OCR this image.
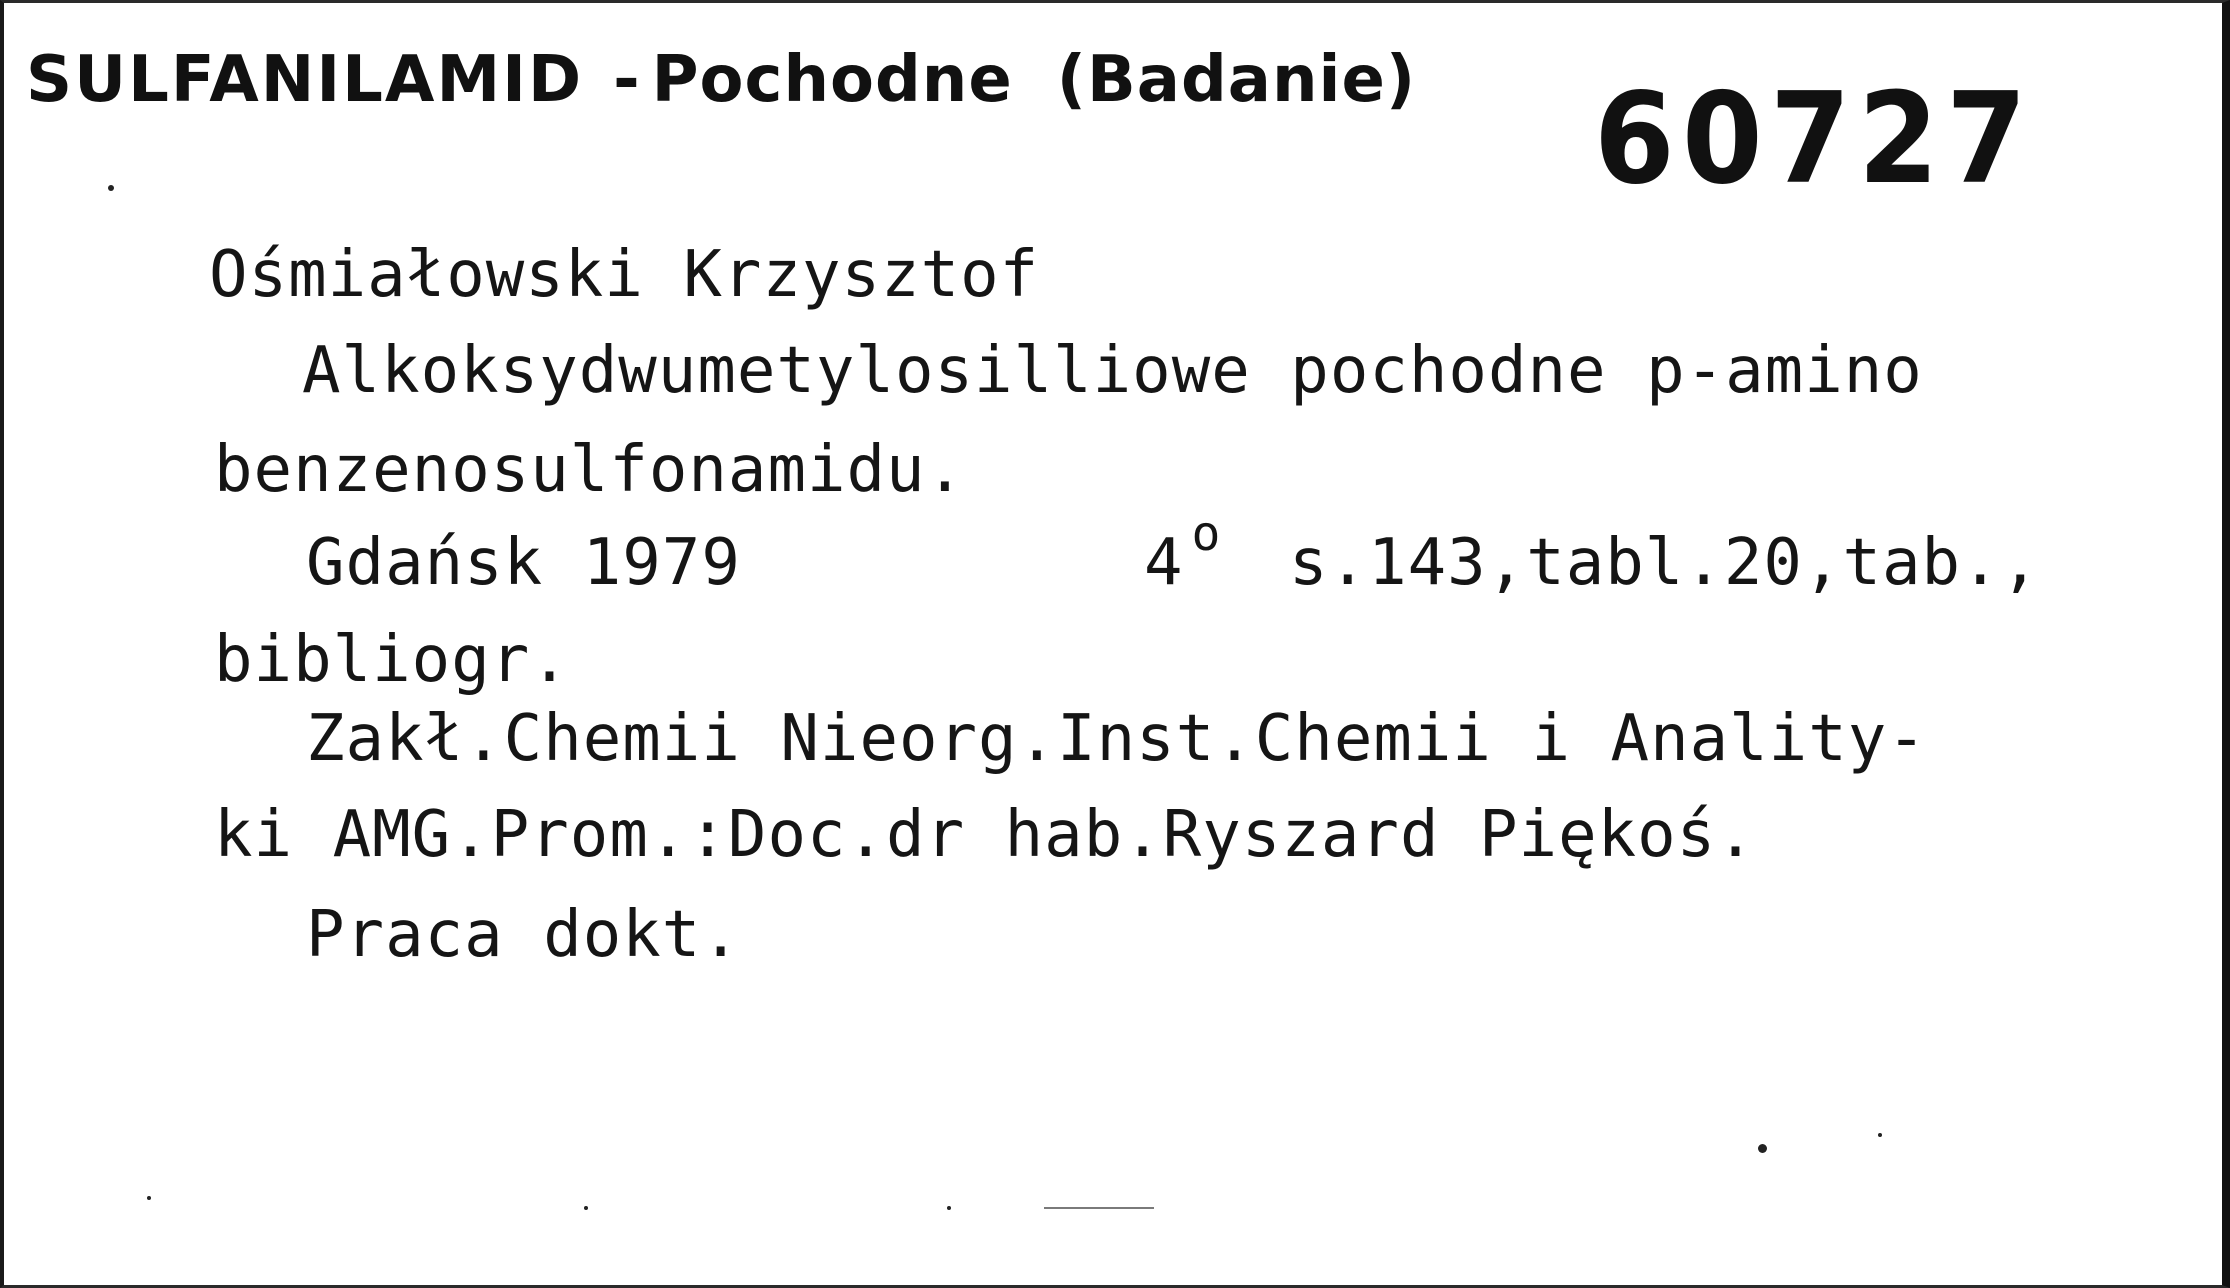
SULFANILAMID - Pochodne (Badanie) 60727
Ośmiałowski Krzysztof
Alkoksydwumetylosilliowe pochodne p-amino
benzenosulfonamidu.
Gdańsk 1979	4 $^o$ s.143,tabl.20,tab.,
bibliogr.
Zakł.Chemii Nieorg.Inst.Chemii i Anality-
ki AMG.Prom.:Doc.dr hab.Ryszard Piękoś.
Praca dokt.
